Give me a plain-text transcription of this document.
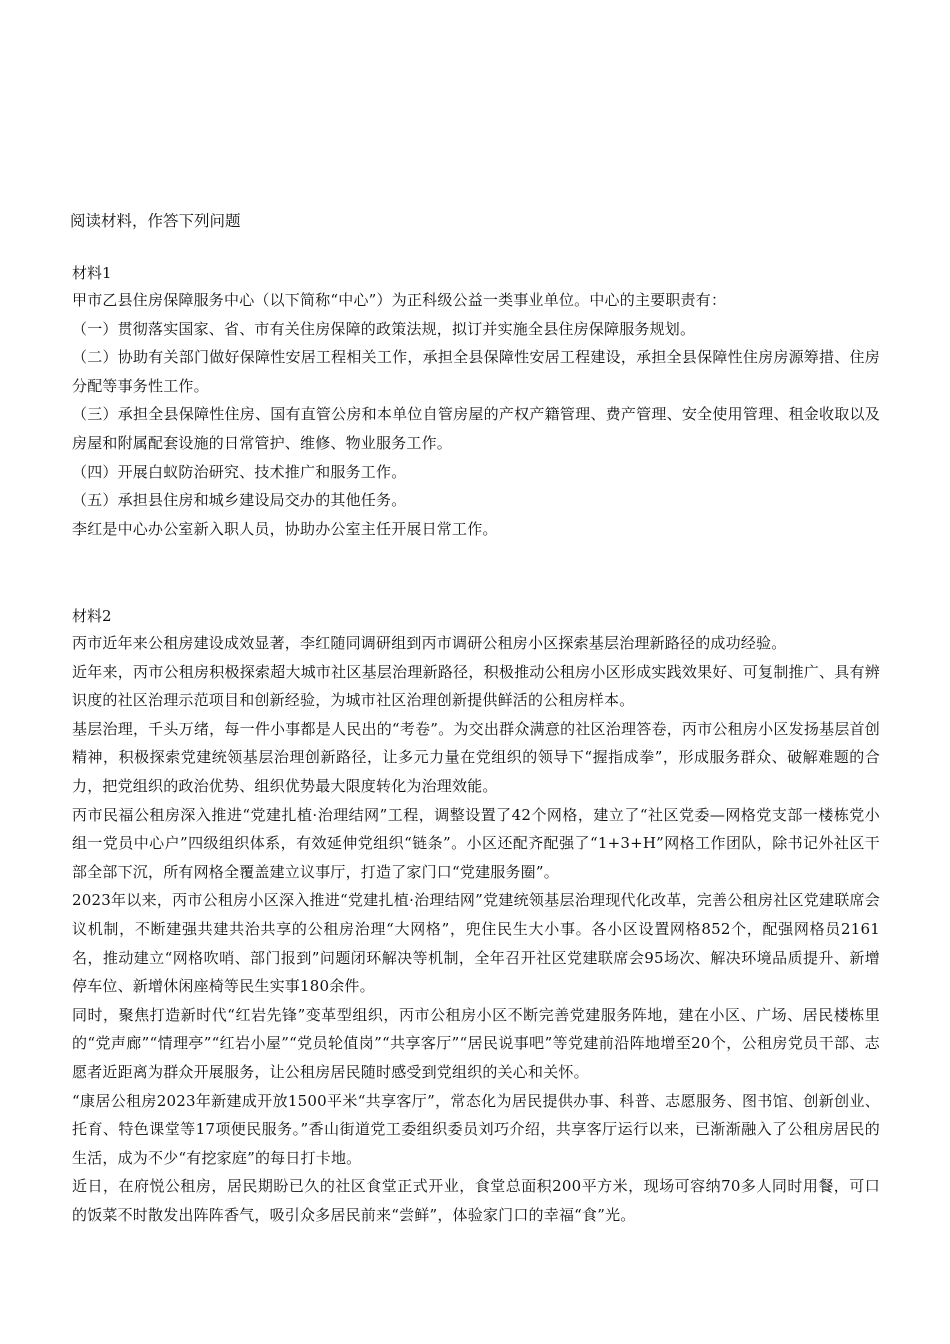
阅读材料，作答下列问题
材料1

甲市乙县住房保障服务中心（以下简称“中心”）为正科级公益一类事业单位。中心的主要职责有：

（一）贯彻落实国家、省、市有关住房保障的政策法规，拟订并实施全县住房保障服务规划。

（二）协助有关部门做好保障性安居工程相关工作，承担全县保障性安居工程建设，承担全县保障性住房房源筹措、住房分配等事务性工作。

（三）承担全县保障性住房、国有直管公房和本单位自管房屋的产权产籍管理、费产管理、安全使用管理、租金收取以及房屋和附属配套设施的日常管护、维修、物业服务工作。

（四）开展白蚁防治研究、技术推广和服务工作。

（五）承担县住房和城乡建设局交办的其他任务。

李红是中心办公室新入职人员，协助办公室主任开展日常工作。

材料2

丙市近年来公租房建设成效显著，李红随同调研组到丙市调研公租房小区探索基层治理新路径的成功经验。

近年来，丙市公租房积极探索超大城市社区基层治理新路径，积极推动公租房小区形成实践效果好、可复制推广、具有辨识度的社区治理示范项目和创新经验，为城市社区治理创新提供鲜活的公租房样本。

基层治理，千头万绪，每一件小事都是人民出的“考卷”。为交出群众满意的社区治理答卷，丙市公租房小区发扬基层首创精神，积极探索党建统领基层治理创新路径，让多元力量在党组织的领导下“握指成拳”，形成服务群众、破解难题的合力，把党组织的政治优势、组织优势最大限度转化为治理效能。

丙市民福公租房深入推进“党建扎植·治理结网”工程，调整设置了42个网格，建立了“社区党委—网格党支部一楼栋党小组一党员中心户”四级组织体系，有效延伸党组织“链条”。小区还配齐配强了“1+3+H”网格工作团队，除书记外社区干部全部下沉，所有网格全覆盖建立议事厅，打造了家门口“党建服务圈”。

2023年以来，丙市公租房小区深入推进“党建扎植·治理结网”党建统领基层治理现代化改革，完善公租房社区党建联席会议机制，不断建强共建共治共享的公租房治理“大网格”，兜住民生大小事。各小区设置网格852个，配强网格员2161名，推动建立“网格吹哨、部门报到”问题闭环解决等机制，全年召开社区党建联席会95场次、解决环境品质提升、新增停车位、新增休闲座椅等民生实事180余件。

同时，聚焦打造新时代“红岩先锋”变革型组织，丙市公租房小区不断完善党建服务阵地，建在小区、广场、居民楼栋里的“党声廊”“情理亭”“红岩小屋”“党员轮值岗”“共享客厅”“居民说事吧”等党建前沿阵地增至20个，公租房党员干部、志愿者近距离为群众开展服务，让公租房居民随时感受到党组织的关心和关怀。

“康居公租房2023年新建成开放1500平米“共享客厅”，常态化为居民提供办事、科普、志愿服务、图书馆、创新创业、托育、特色课堂等17项便民服务。”香山街道党工委组织委员刘巧介绍，共享客厅运行以来，已渐渐融入了公租房居民的生活，成为不少“有挖家庭”的每日打卡地。

近日，在府悦公租房，居民期盼已久的社区食堂正式开业，食堂总面积200平方米，现场可容纳70多人同时用餐，可口的饭菜不时散发出阵阵香气，吸引众多居民前来“尝鲜”，体验家门口的幸福“食”光。
